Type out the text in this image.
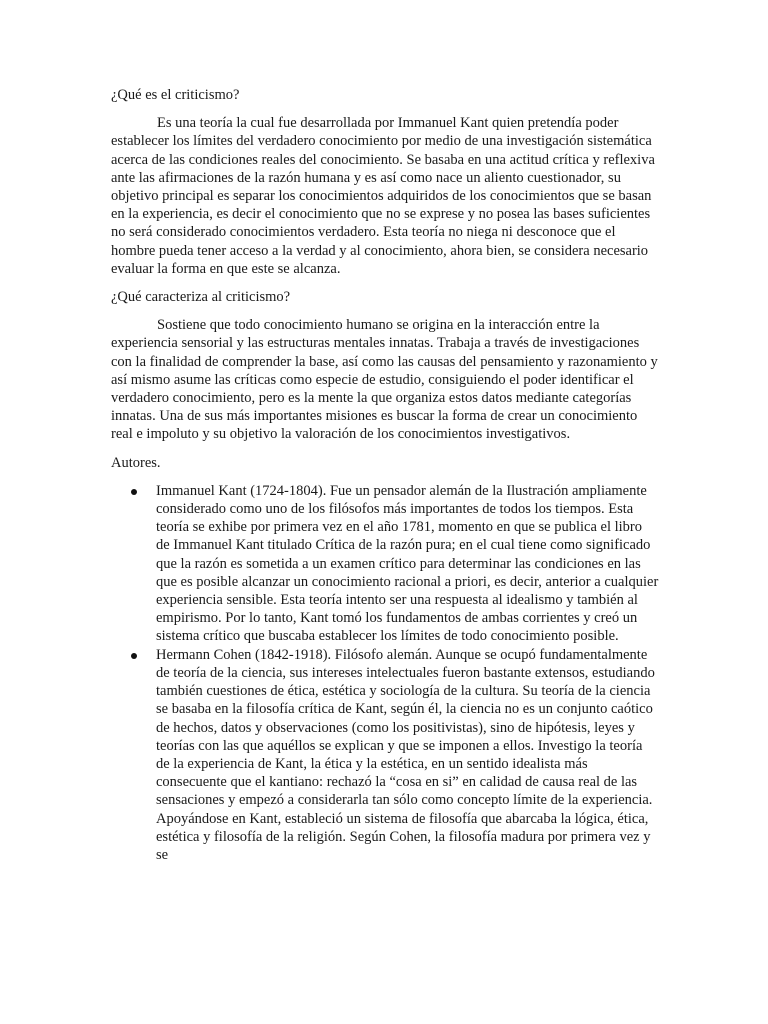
¿Qué es el criticismo?

Es una teoría la cual fue desarrollada por Immanuel Kant quien pretendía poder establecer los límites del verdadero conocimiento por medio de una investigación sistemática acerca de las condiciones reales del conocimiento. Se basaba en una actitud crítica y reflexiva ante las afirmaciones de la razón humana y es así como nace un aliento cuestionador, su objetivo principal es separar los conocimientos adquiridos de los conocimientos que se basan en la experiencia, es decir el conocimiento que no se exprese y no posea las bases suficientes no será considerado conocimientos verdadero. Esta teoría no niega ni desconoce que el hombre pueda tener acceso a la verdad y al conocimiento, ahora bien, se considera necesario evaluar la forma en que este se alcanza.

¿Qué caracteriza al criticismo?

Sostiene que todo conocimiento humano se origina en la interacción entre la experiencia sensorial y las estructuras mentales innatas. Trabaja a través de investigaciones con la finalidad de comprender la base, así como las causas del pensamiento y razonamiento y así mismo asume las críticas como especie de estudio, consiguiendo el poder identificar el verdadero conocimiento, pero es la mente la que organiza estos datos mediante categorías innatas. Una de sus más importantes misiones es buscar la forma de crear un conocimiento real e impoluto y su objetivo la valoración de los conocimientos investigativos.

Autores.

Immanuel Kant (1724-1804). Fue un pensador alemán de la Ilustración ampliamente considerado como uno de los filósofos más importantes de todos los tiempos. Esta teoría se exhibe por primera vez en el año 1781, momento en que se publica el libro de Immanuel Kant titulado Crítica de la razón pura; en el cual tiene como significado que la razón es sometida a un examen crítico para determinar las condiciones en las que es posible alcanzar un conocimiento racional a priori, es decir, anterior a cualquier experiencia sensible. Esta teoría intento ser una respuesta al idealismo y también al empirismo. Por lo tanto, Kant tomó los fundamentos de ambas corrientes y creó un sistema crítico que buscaba establecer los límites de todo conocimiento posible.
Hermann Cohen (1842-1918). Filósofo alemán. Aunque se ocupó fundamentalmente de teoría de la ciencia, sus intereses intelectuales fueron bastante extensos, estudiando también cuestiones de ética, estética y sociología de la cultura. Su teoría de la ciencia se basaba en la filosofía crítica de Kant, según él, la ciencia no es un conjunto caótico de hechos, datos y observaciones (como los positivistas), sino de hipótesis, leyes y teorías con las que aquéllos se explican y que se imponen a ellos. Investigo la teoría de la experiencia de Kant, la ética y la estética, en un sentido idealista más consecuente que el kantiano: rechazó la “cosa en si” en calidad de causa real de las sensaciones y empezó a considerarla tan sólo como concepto límite de la experiencia. Apoyándose en Kant, estableció un sistema de filosofía que abarcaba la lógica, ética, estética y filosofía de la religión. Según Cohen, la filosofía madura por primera vez y se
